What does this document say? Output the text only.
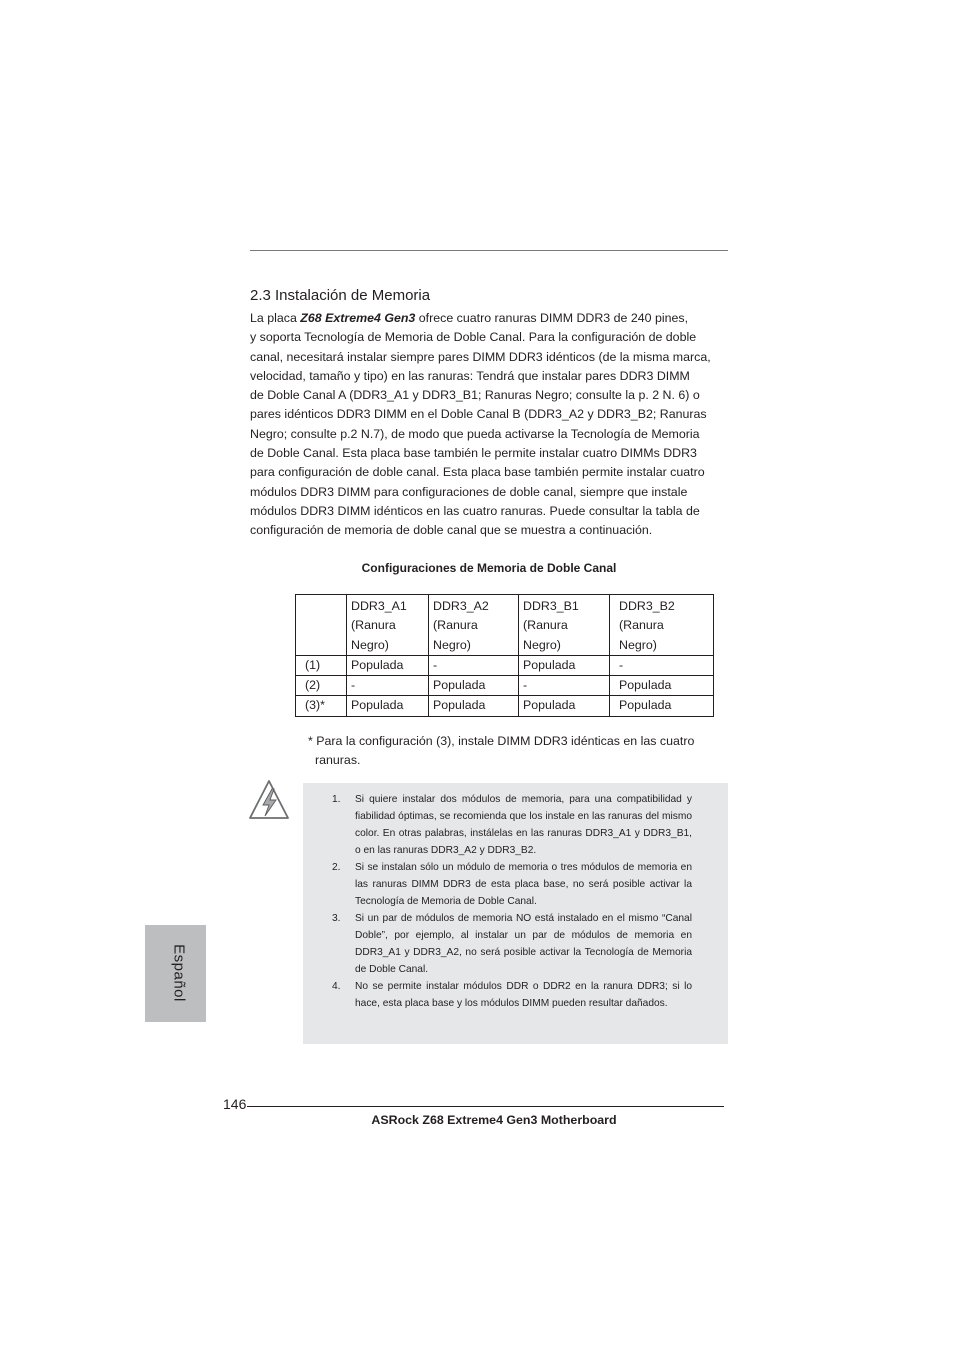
2.3 Instalación de Memoria
La placa Z68 Extreme4 Gen3 ofrece cuatro ranuras DIMM DDR3 de 240 pines,
y soporta Tecnología de Memoria de Doble Canal. Para la configuración de doble
canal, necesitará instalar siempre pares DIMM DDR3 idénticos (de la misma marca,
velocidad, tamaño y tipo) en las ranuras: Tendrá que instalar pares DDR3 DIMM
de Doble Canal A (DDR3_A1 y DDR3_B1; Ranuras Negro; consulte la p. 2 N. 6) o
pares idénticos DDR3 DIMM en el Doble Canal B (DDR3_A2 y DDR3_B2; Ranuras
Negro; consulte p.2 N.7), de modo que pueda activarse la Tecnología de Memoria
de Doble Canal. Esta placa base también le permite instalar cuatro DIMMs DDR3
para configuración de doble canal. Esta placa base también permite instalar cuatro
módulos DDR3 DIMM para configuraciones de doble canal, siempre que instale
módulos DDR3 DIMM idénticos en las cuatro ranuras. Puede consultar la tabla de
configuración de memoria de doble canal que se muestra a continuación.
Configuraciones de Memoria de Doble Canal
	DDR3_A1
(Ranura
Negro)	DDR3_A2
(Ranura
Negro)	DDR3_B1
(Ranura
Negro)	DDR3_B2
(Ranura
Negro)
(1)	Populada	-	Populada	-
(2)	-	Populada	-	Populada
(3)*	Populada	Populada	Populada	Populada
* Para la configuración (3), instale DIMM DDR3 idénticas en las cuatro
ranuras.
1. Si quiere instalar dos módulos de memoria, para una compatibilidad y fiabilidad óptimas, se recomienda que los instale en las ranuras del mismo color. En otras palabras, instálelas en las ranuras DDR3_A1 y DDR3_B1, o en las ranuras DDR3_A2 y DDR3_B2.
2. Si se instalan sólo un módulo de memoria o tres módulos de memoria en las ranuras DIMM DDR3 de esta placa base, no será posible activar la Tecnología de Memoria de Doble Canal.
3. Si un par de módulos de memoria NO está instalado en el mismo “Canal Doble”, por ejemplo, al instalar un par de módulos de memoria en DDR3_A1 y DDR3_A2, no será posible activar la Tecnología de Memoria de Doble Canal.
4. No se permite instalar módulos DDR o DDR2 en la ranura DDR3; si lo hace, esta placa base y los módulos DIMM pueden resultar dañados.
Español
146
ASRock Z68 Extreme4 Gen3 Motherboard
